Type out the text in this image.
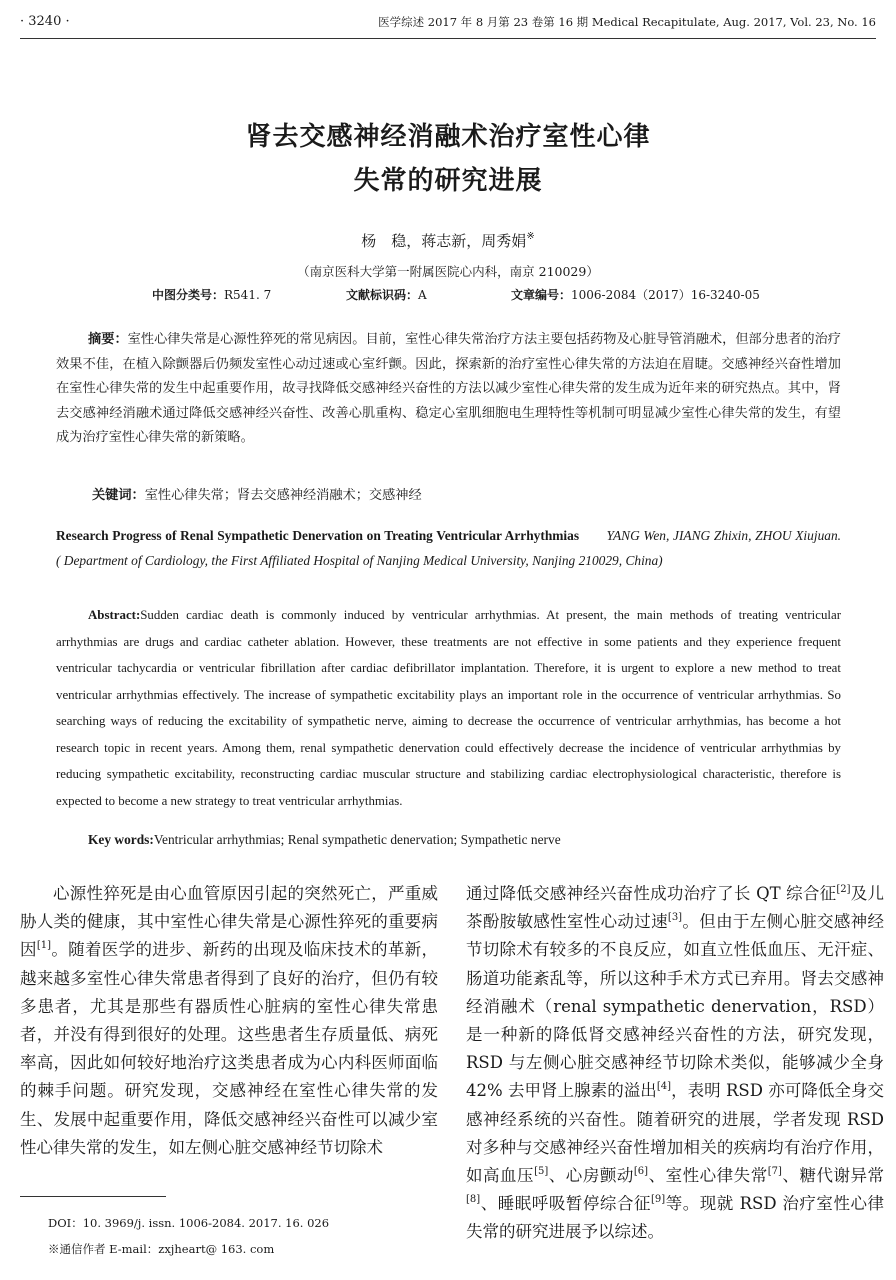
· 3240 ·	医学综述 2017 年 8 月第 23 卷第 16 期 Medical Recapitulate, Aug. 2017, Vol. 23, No. 16
肾去交感神经消融术治疗室性心律
失常的研究进展
杨　稳，蒋志新，周秀娟※
（南京医科大学第一附属医院心内科，南京 210029）
中图分类号：R541. 7	文献标识码：A	文章编号：1006-2084（2017）16-3240-05
摘要：室性心律失常是心源性猝死的常见病因。目前，室性心律失常治疗方法主要包括药物及心脏导管消融术，但部分患者的治疗效果不佳，在植入除颤器后仍频发室性心动过速或心室纤颤。因此，探索新的治疗室性心律失常的方法迫在眉睫。交感神经兴奋性增加在室性心律失常的发生中起重要作用，故寻找降低交感神经兴奋性的方法以减少室性心律失常的发生成为近年来的研究热点。其中，肾去交感神经消融术通过降低交感神经兴奋性、改善心肌重构、稳定心室肌细胞电生理特性等机制可明显减少室性心律失常的发生，有望成为治疗室性心律失常的新策略。
关键词：室性心律失常；肾去交感神经消融术；交感神经
Research Progress of Renal Sympathetic Denervation on Treating Ventricular Arrhythmias YANG Wen, JIANG Zhixin, ZHOU Xiujuan. ( Department of Cardiology, the First Affiliated Hospital of Nanjing Medical University, Nanjing 210029, China)
Abstract:Sudden cardiac death is commonly induced by ventricular arrhythmias. At present, the main methods of treating ventricular arrhythmias are drugs and cardiac catheter ablation. However, these treatments are not effective in some patients and they experience frequent ventricular tachycardia or ventricular fibrillation after cardiac defibrillator implantation. Therefore, it is urgent to explore a new method to treat ventricular arrhythmias effectively. The increase of sympathetic excitability plays an important role in the occurrence of ventricular arrhythmias. So searching ways of reducing the excitability of sympathetic nerve, aiming to decrease the occurrence of ventricular arrhythmias, has become a hot research topic in recent years. Among them, renal sympathetic denervation could effectively decrease the incidence of ventricular arrhythmias by reducing sympathetic excitability, reconstructing cardiac muscular structure and stabilizing cardiac electrophysiological characteristic, therefore is expected to become a new strategy to treat ventricular arrhythmias.
Key words:Ventricular arrhythmias; Renal sympathetic denervation; Sympathetic nerve
心源性猝死是由心血管原因引起的突然死亡，严重威胁人类的健康，其中室性心律失常是心源性猝死的重要病因[1]。随着医学的进步、新药的出现及临床技术的革新，越来越多室性心律失常患者得到了良好的治疗，但仍有较多患者，尤其是那些有器质性心脏病的室性心律失常患者，并没有得到很好的处理。这些患者生存质量低、病死率高，因此如何较好地治疗这类患者成为心内科医师面临的棘手问题。研究发现，交感神经在室性心律失常的发生、发展中起重要作用，降低交感神经兴奋性可以减少室性心律失常的发生，如左侧心脏交感神经节切除术
通过降低交感神经兴奋性成功治疗了长 QT 综合征[2]及儿茶酚胺敏感性室性心动过速[3]。但由于左侧心脏交感神经节切除术有较多的不良反应，如直立性低血压、无汗症、肠道功能紊乱等，所以这种手术方式已弃用。肾去交感神经消融术（renal sympathetic denervation，RSD）是一种新的降低肾交感神经兴奋性的方法，研究发现，RSD 与左侧心脏交感神经节切除术类似，能够减少全身 42% 去甲肾上腺素的溢出[4]，表明 RSD 亦可降低全身交感神经系统的兴奋性。随着研究的进展，学者发现 RSD 对多种与交感神经兴奋性增加相关的疾病均有治疗作用，如高血压[5]、心房颤动[6]、室性心律失常[7]、糖代谢异常[8]、睡眠呼吸暂停综合征[9]等。现就 RSD 治疗室性心律失常的研究进展予以综述。
DOI：10. 3969/j. issn. 1006-2084. 2017. 16. 026
※通信作者 E-mail：zxjheart@ 163. com
